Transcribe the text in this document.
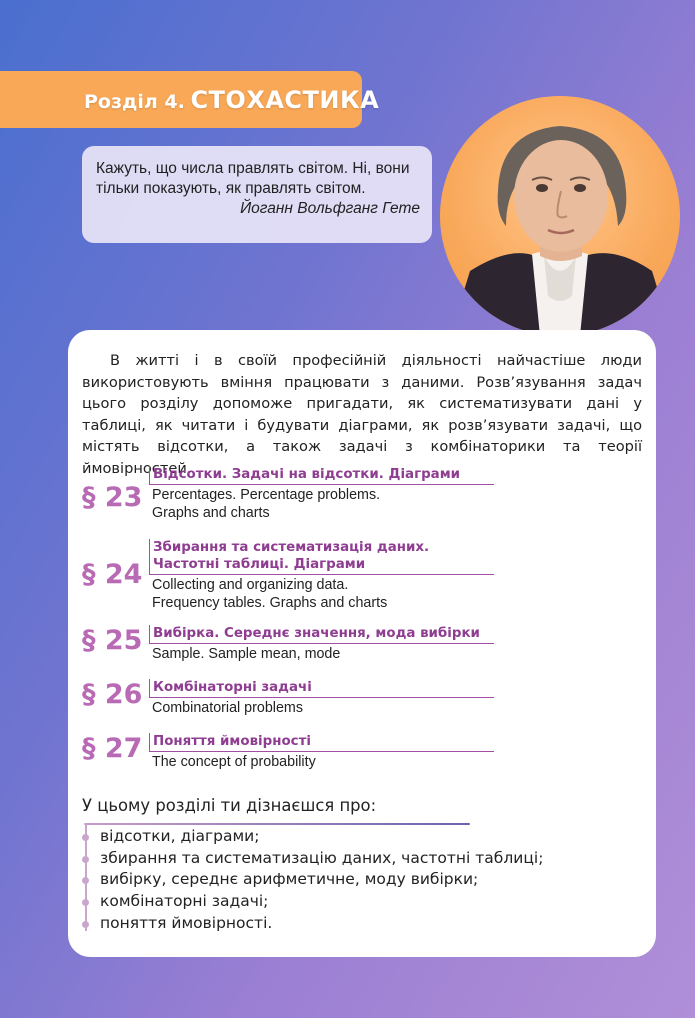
Розділ 4. СТОХАСТИКА
Кажуть, що числа правлять світом. Ні, вони тільки показують, як правлять світом.
Йоганн Вольфганг Гете
В житті і в своїй професійній діяльності найчастіше люди використовують вміння працювати з даними. Розв’язування задач цього розділу допоможе пригадати, як систематизувати дані у таблиці, як читати і будувати діаграми, як розв’язувати задачі, що містять відсотки, а також задачі з комбінаторики та теорії ймовірностей.
§ 23
Відсотки. Задачі на відсотки. Діаграми
Percentages. Percentage problems.
Graphs and charts
§ 24
Збирання та систематизація даних.
Частотні таблиці. Діаграми
Collecting and organizing data.
Frequency tables. Graphs and charts
§ 25 Вибірка. Середнє значення, мода вибірки
Sample. Sample mean, mode
§ 26 Комбінаторні задачі
Combinatorial problems
§ 27 Поняття ймовірності
The concept of probability
У цьому розділі ти дізнаєшся про:
відсотки, діаграми;
збирання та систематизацію даних, частотні таблиці;
вибірку, середнє арифметичне, моду вибірки;
комбінаторні задачі;
поняття ймовірності.
